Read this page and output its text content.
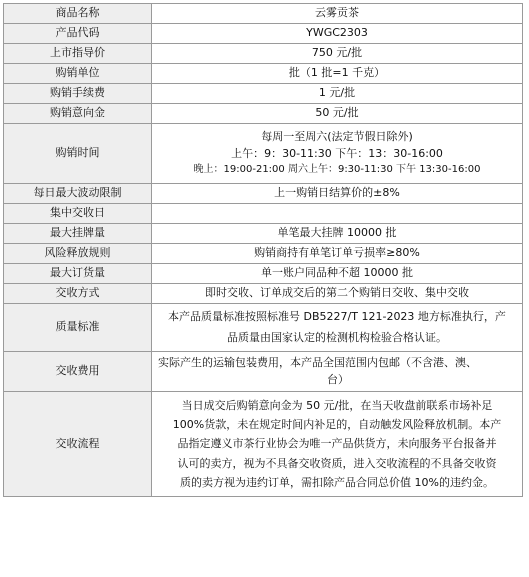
商品名称	云雾贡茶
产品代码	YWGC2303
上市指导价	750 元/批
购销单位	批（1 批=1 千克）
购销手续费	1 元/批
购销意向金	50 元/批
购销时间	每周一至周六(法定节假日除外)
上午：9：30-11:30 下午：13：30-16:00
晚上：19:00-21:00 周六上午：9:30-11:30 下午 13:30-16:00

每日最大波动限制	上一购销日结算价的±8%
集中交收日	
最大挂牌量	单笔最大挂牌 10000 批
风险释放规则	购销商持有单笔订单亏损率≥80%
最大订货量	单一账户同品种不超 10000 批
交收方式	即时交收、订单成交后的第二个购销日交收、集中交收
质量标准	本产品质量标准按照标准号 DB5227/T 121-2023 地方标准执行，产
品质量由国家认定的检测机构检验合格认证。

交收费用	实际产生的运输包装费用，本产品全国范围内包邮（不含港、澳、
台）

交收流程	当日成交后购销意向金为 50 元/批，在当天收盘前联系市场补足
100%货款，未在规定时间内补足的，自动触发风险释放机制。本产
品指定遵义市茶行业协会为唯一产品供货方，未向服务平台报备并
认可的卖方，视为不具备交收资质，进入交收流程的不具备交收资
质的卖方视为违约订单，需扣除产品合同总价值 10%的违约金。
